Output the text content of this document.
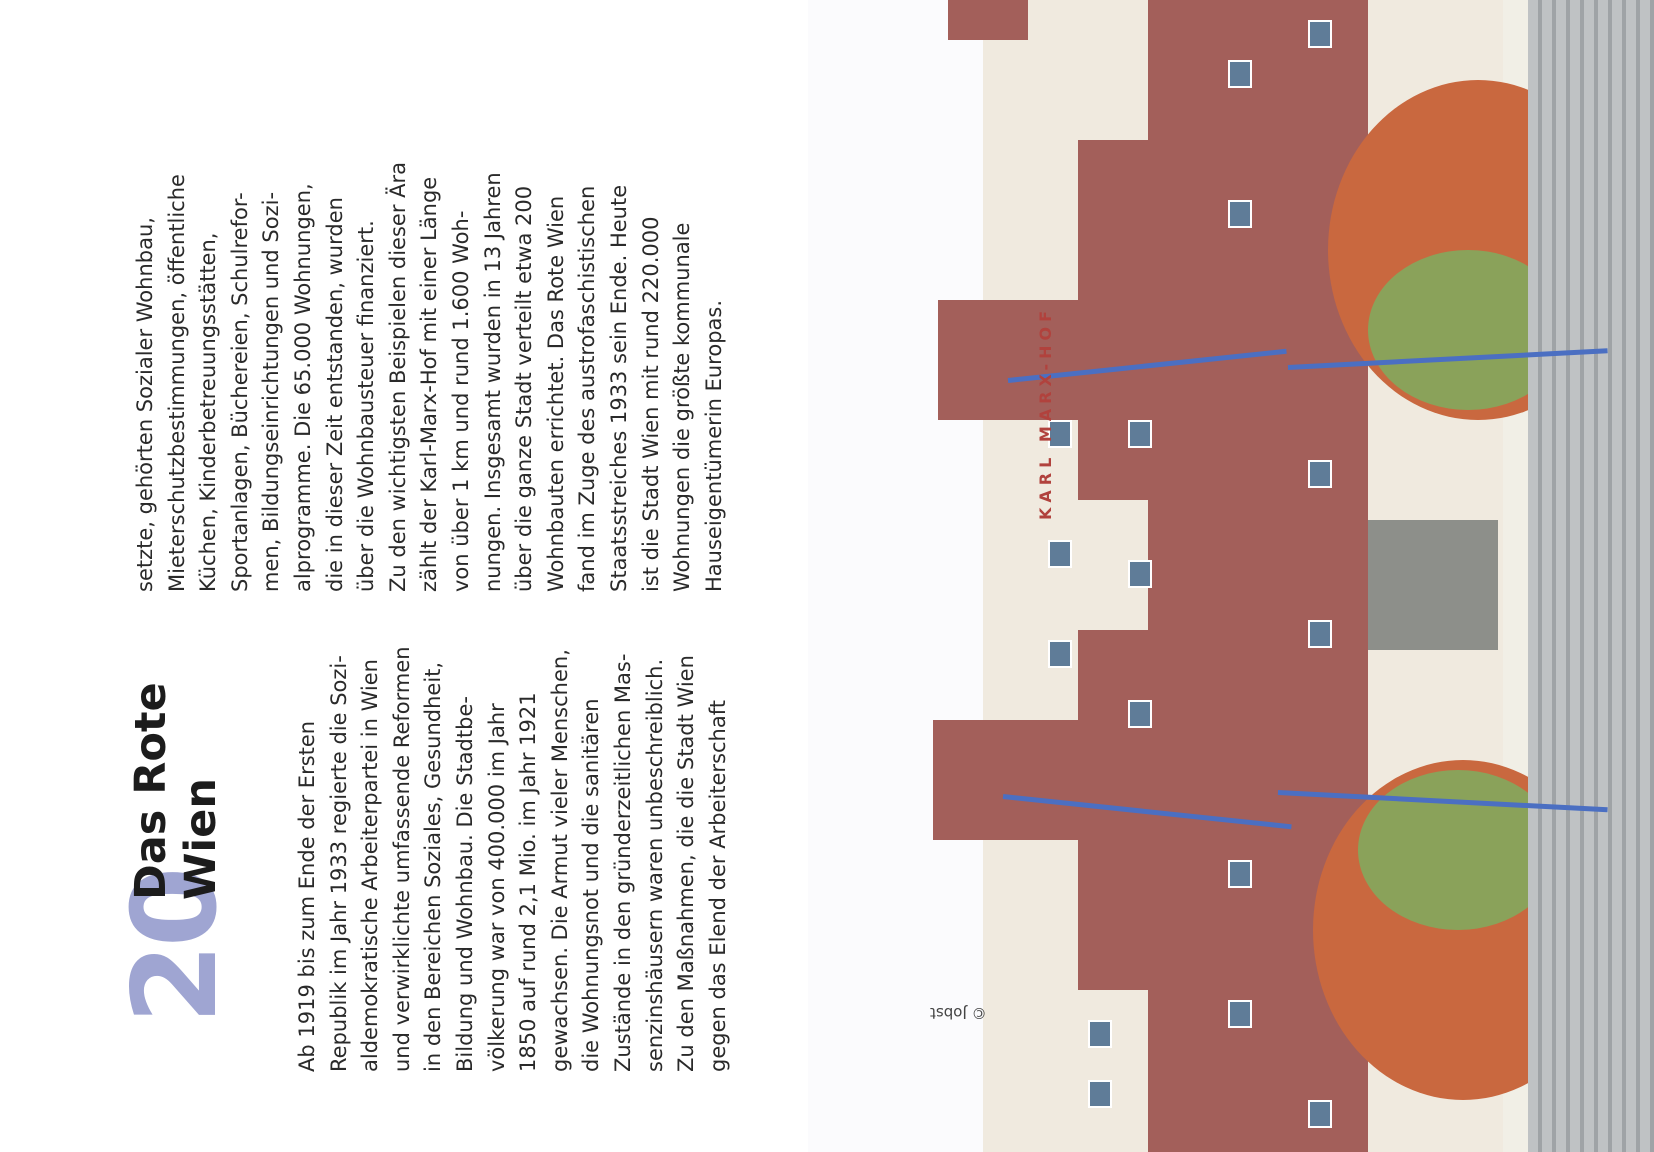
20
Das Rote Wien	Ab 1919 bis zum Ende der Ersten Republik im Jahr 1933 regierte die Sozi- aldemokratische Arbeiterpartei in Wien und verwirklichte umfassende Reformen in den Bereichen Soziales, Gesundheit, Bildung und Wohnbau. Die Stadtbe- völkerung war von 400.000 im Jahr 1850 auf rund 2,1 Mio. im Jahr 1921 gewachsen. Die Armut vieler Menschen, die Wohnungsnot und die sanitären Zustände in den gründerzeitlichen Mas- senzinshäusern waren unbeschreiblich. Zu den Maßnahmen, die die Stadt Wien gegen das Elend der Arbeiterschaft

setzte, gehörten Sozialer Wohnbau, Mieterschutzbestimmungen, öffentliche Küchen, Kinderbetreuungsstätten, Sportanlagen, Büchereien, Schulrefor- men, Bildungseinrichtungen und Sozi- alprogramme. Die 65.000 Wohnungen, die in dieser Zeit entstanden, wurden über die Wohnbausteuer finanziert. Zu den wichtigsten Beispielen dieser Ära zählt der Karl-Marx-Hof mit einer Länge von über 1 km und rund 1.600 Woh- nungen. Insgesamt wurden in 13 Jahren über die ganze Stadt verteilt etwa 200 Wohnbauten errichtet. Das Rote Wien fand im Zuge des austrofaschistischen Staatsstreiches 1933 sein Ende. Heute ist die Stadt Wien mit rund 220.000 Wohnungen die größte kommunale Hauseigentümerin Europas.	KARL MARX-HOF
© Jobst
